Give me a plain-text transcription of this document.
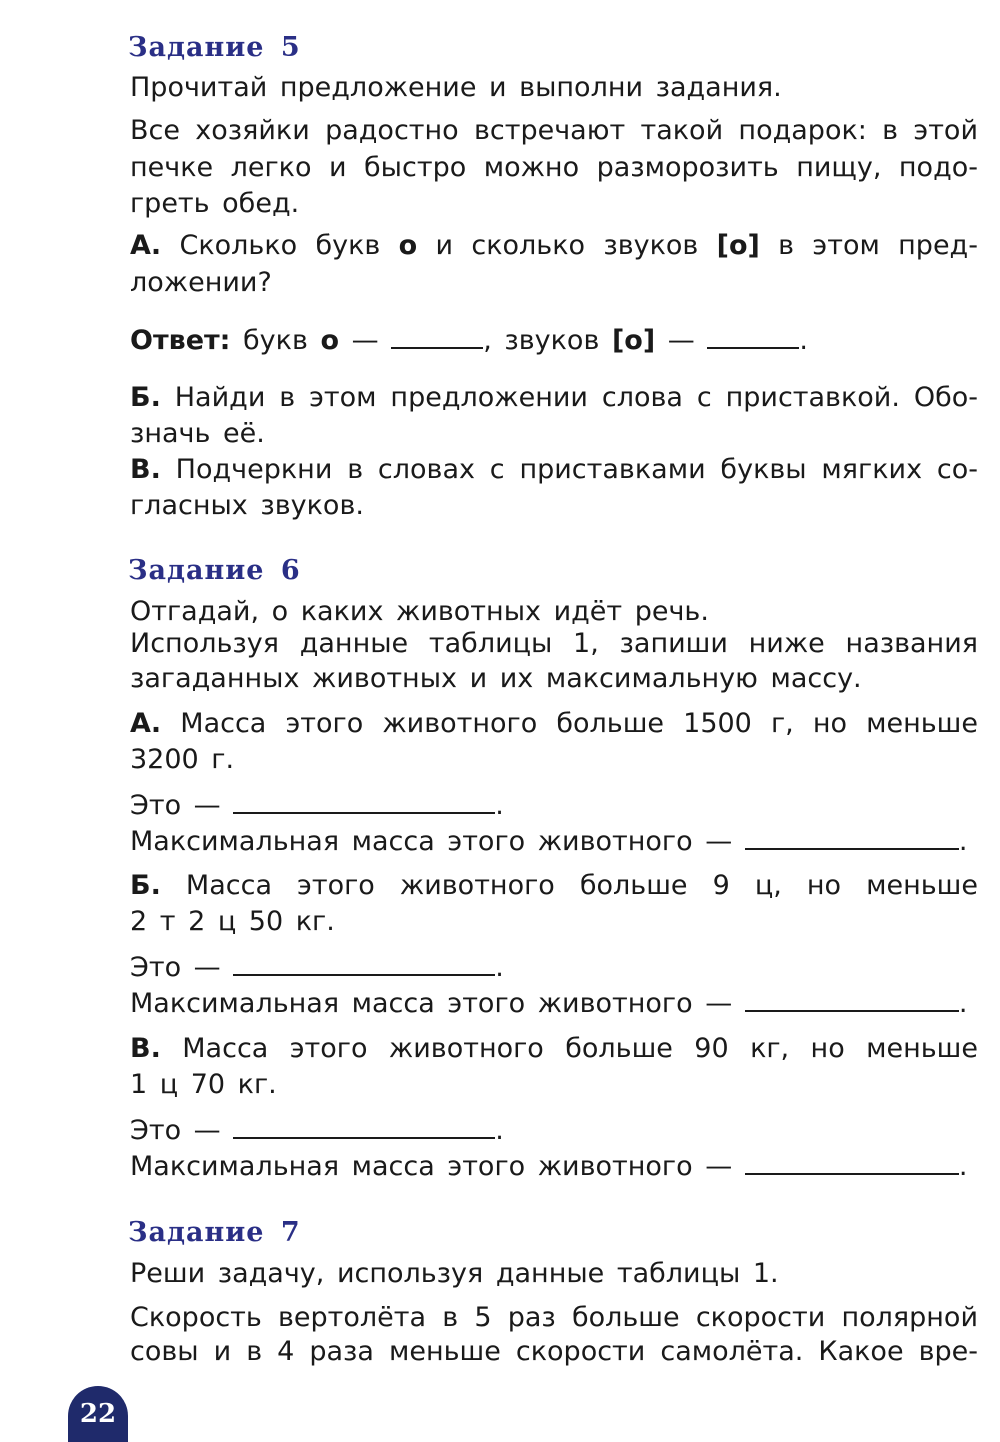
Задание 5
Прочитай предложение и выполни задания.
Все хозяйки радостно встречают такой подарок: в этой
печке легко и быстро можно разморозить пищу, подо-
греть обед.
А. Сколько букв о и сколько звуков [о] в этом пред-
ложении?
Ответ: букв о —	, звуков [о] —	.
Б. Найди в этом предложении слова с приставкой. Обо-
значь её.
В. Подчеркни в словах с приставками буквы мягких со-
гласных звуков.
Задание 6
Отгадай, о каких животных идёт речь.
Используя данные таблицы 1, запиши ниже названия
загаданных животных и их максимальную массу.
А. Масса этого животного больше 1500 г, но меньше
3200 г.
Это —	.
Максимальная масса этого животного —	.
Б. Масса этого животного больше 9 ц, но меньше
2 т 2 ц 50 кг.
Это —	.
Максимальная масса этого животного —	.
В. Масса этого животного больше 90 кг, но меньше
1 ц 70 кг.
Это —	.
Максимальная масса этого животного —	.
Задание 7
Реши задачу, используя данные таблицы 1.
Скорость вертолёта в 5 раз больше скорости полярной
совы и в 4 раза меньше скорости самолёта. Какое вре-
22
